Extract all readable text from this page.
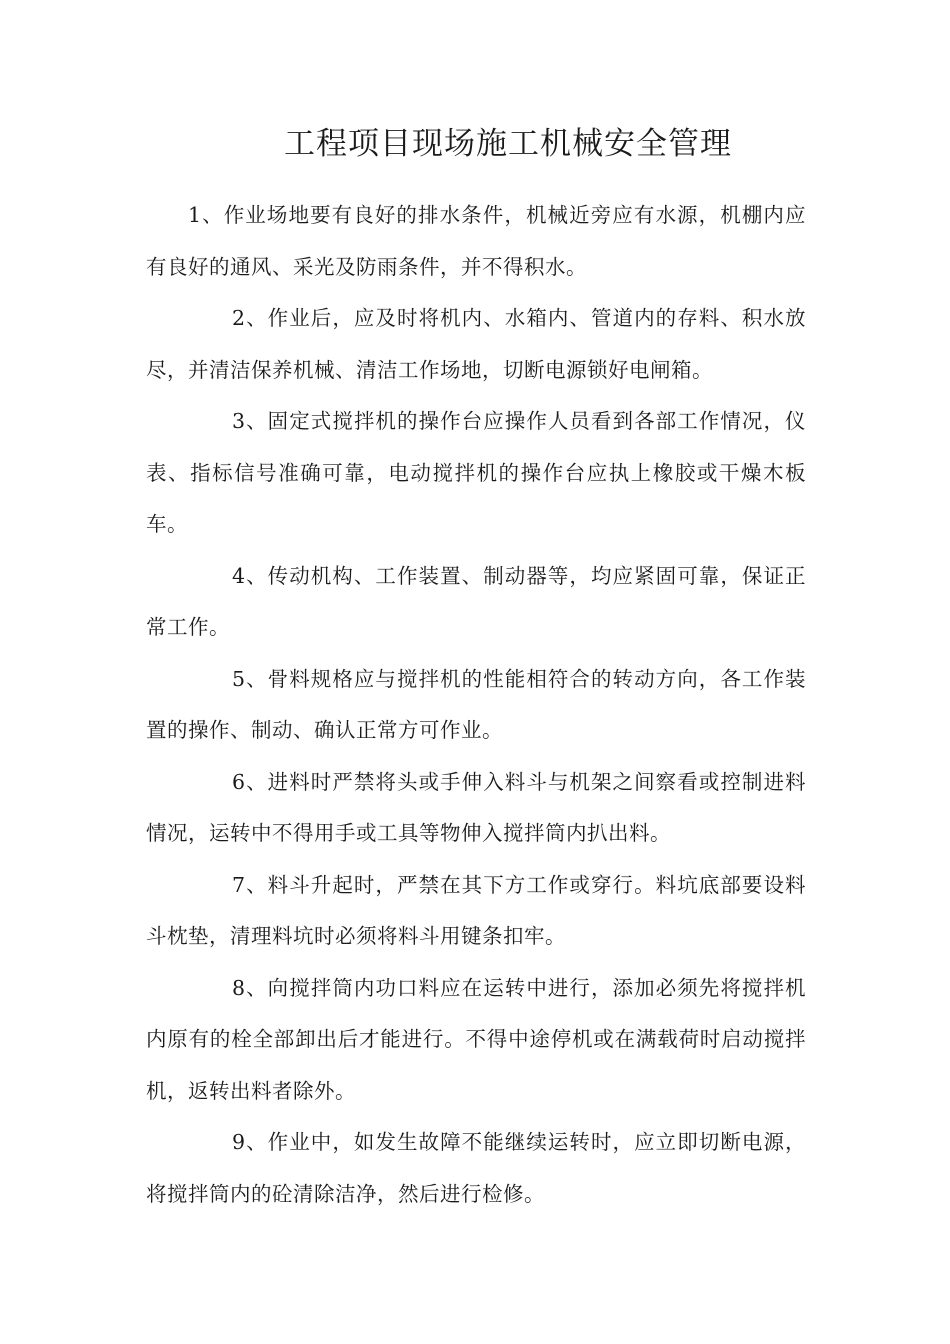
工程项目现场施工机械安全管理

1、作业场地要有良好的排水条件，机械近旁应有水源，机棚内应有良好的通风、采光及防雨条件，并不得积水。

2、作业后，应及时将机内、水箱内、管道内的存料、积水放尽，并清洁保养机械、清洁工作场地，切断电源锁好电闸箱。

3、固定式搅拌机的操作台应操作人员看到各部工作情况，仪表、指标信号准确可靠，电动搅拌机的操作台应执上橡胶或干燥木板车。

4、传动机构、工作装置、制动器等，均应紧固可靠，保证正常工作。

5、骨料规格应与搅拌机的性能相符合的转动方向，各工作装置的操作、制动、确认正常方可作业。

6、进料时严禁将头或手伸入料斗与机架之间察看或控制进料情况，运转中不得用手或工具等物伸入搅拌筒内扒出料。

7、料斗升起时，严禁在其下方工作或穿行。料坑底部要设料斗枕垫，清理料坑时必须将料斗用键条扣牢。

8、向搅拌筒内功口料应在运转中进行，添加必须先将搅拌机内原有的栓全部卸出后才能进行。不得中途停机或在满载荷时启动搅拌机，返转出料者除外。

9、作业中，如发生故障不能继续运转时，应立即切断电源，将搅拌筒内的砼清除洁净，然后进行检修。
